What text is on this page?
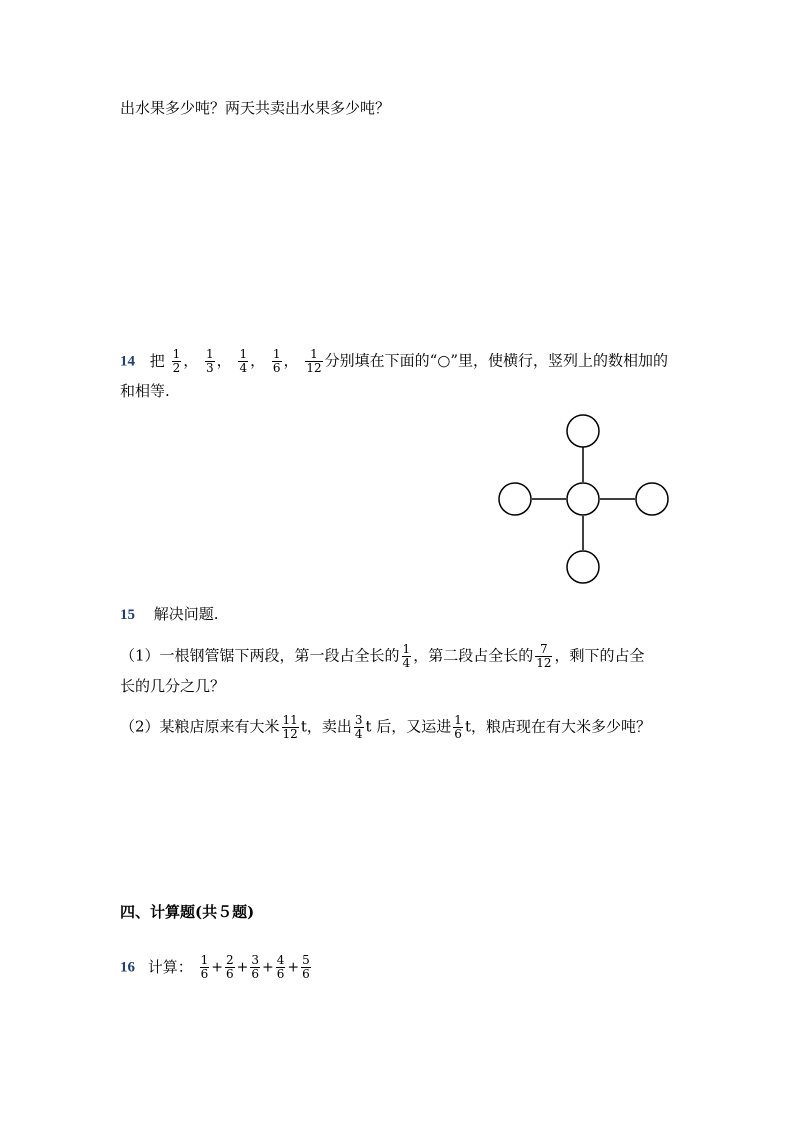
出水果多少吨？两天共卖出水果多少吨？
14 把 $\frac{1}{2}$ ， $\frac{1}{3}$ ， $\frac{1}{4}$ ， $\frac{1}{6}$ ， $\frac{1}{12}$ 分别填在下面的“○”里，使横行，竖列上的数相加的
和相等.
15 解决问题.
（1）一根钢管锯下两段，第一段占全长的 $\frac{1}{4}$ ，第二段占全长的 $\frac{7}{12}$ ，剩下的占全
长的几分之几？
（2）某粮店原来有大米 $\frac{11}{12}$ t，卖出 $\frac{3}{4}$ t 后，又运进 $\frac{1}{6}$ t，粮店现在有大米多少吨？
四、计算题(共５题)
16 计算： $\frac{1}{6} + \frac{2}{6} + \frac{3}{6} + \frac{4}{6} + \frac{5}{6}$
